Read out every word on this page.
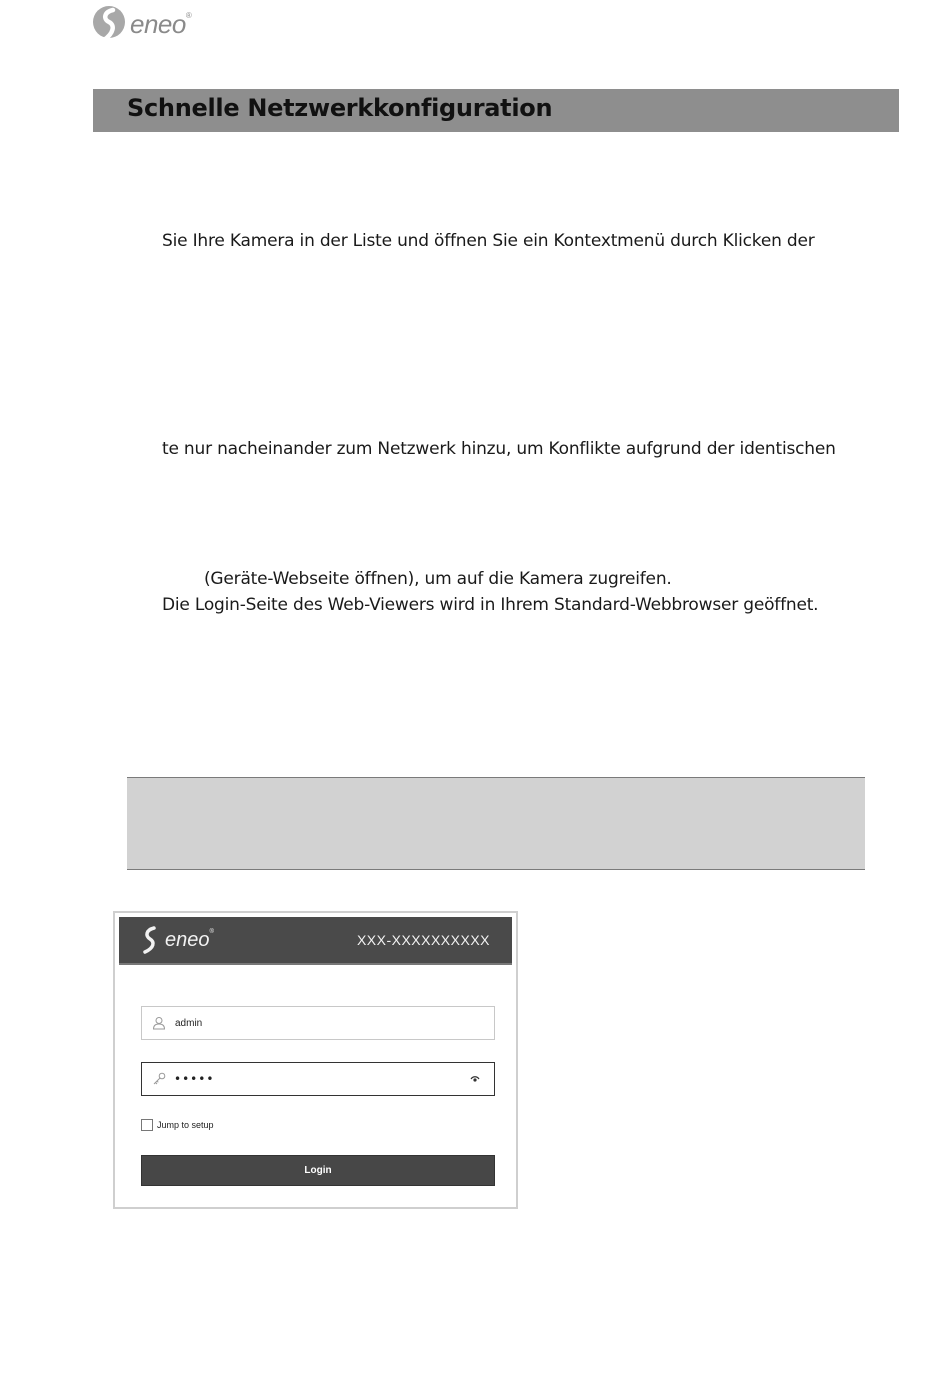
eneo®
Schnelle Netzwerkkonfiguration
Sie Ihre Kamera in der Liste und öffnen Sie ein Kontextmenü durch Klicken der
te nur nacheinander zum Netzwerk hinzu, um Konflikte aufgrund der identischen
(Geräte-Webseite öffnen), um auf die Kamera zugreifen.
Die Login-Seite des Web-Viewers wird in Ihrem Standard-Webbrowser geöffnet.
eneo®
XXX-XXXXXXXXXX
admin
•••••
Jump to setup
Login
